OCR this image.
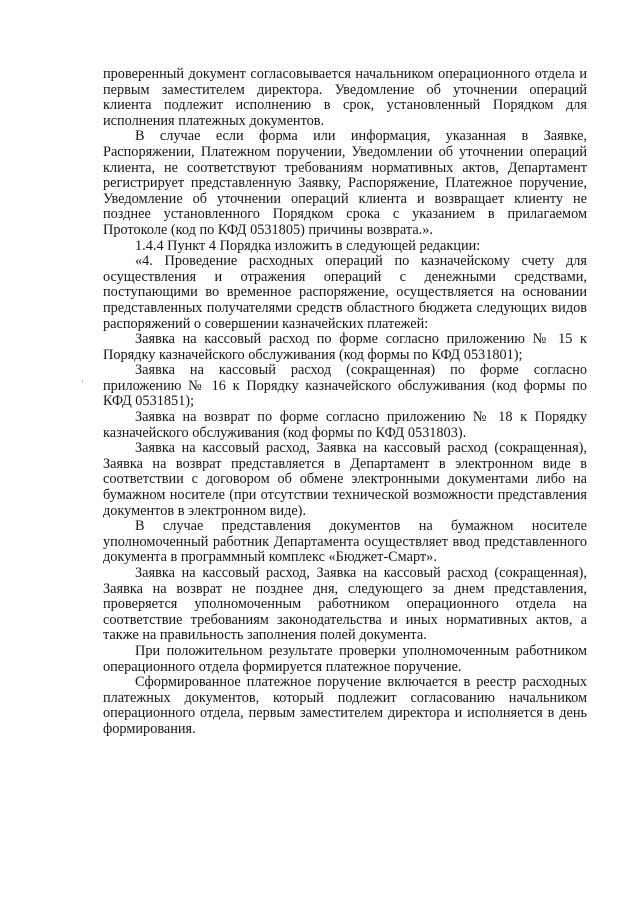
проверенный документ согласовывается начальником операционного отдела и первым заместителем директора. Уведомление об уточнении операций клиента подлежит исполнению в срок, установленный Порядком для исполнения платежных документов.

В случае если форма или информация, указанная в Заявке, Распоряжении, Платежном поручении, Уведомлении об уточнении операций клиента, не соответствуют требованиям нормативных актов, Департамент регистрирует представленную Заявку, Распоряжение, Платежное поручение, Уведомление об уточнении операций клиента и возвращает клиенту не позднее установленного Порядком срока с указанием в прилагаемом Протоколе (код по КФД 0531805) причины возврата.».

1.4.4 Пункт 4 Порядка изложить в следующей редакции:

«4. Проведение расходных операций по казначейскому счету для осуществления и отражения операций с денежными средствами, поступающими во временное распоряжение, осуществляется на основании представленных получателями средств областного бюджета следующих видов распоряжений о совершении казначейских платежей:

Заявка на кассовый расход по форме согласно приложению № 15 к Порядку казначейского обслуживания (код формы по КФД 0531801);

Заявка на кассовый расход (сокращенная) по форме согласно приложению № 16 к Порядку казначейского обслуживания (код формы по КФД 0531851);

Заявка на возврат по форме согласно приложению № 18 к Порядку казначейского обслуживания (код формы по КФД 0531803).

Заявка на кассовый расход, Заявка на кассовый расход (сокращенная), Заявка на возврат представляется в Департамент в электронном виде в соответствии с договором об обмене электронными документами либо на бумажном носителе (при отсутствии технической возможности представления документов в электронном виде).

В случае представления документов на бумажном носителе уполномоченный работник Департамента осуществляет ввод представленного документа в программный комплекс «Бюджет-Смарт».

Заявка на кассовый расход, Заявка на кассовый расход (сокращенная), Заявка на возврат не позднее дня, следующего за днем представления, проверяется уполномоченным работником операционного отдела на соответствие требованиям законодательства и иных нормативных актов, а также на правильность заполнения полей документа.

При положительном результате проверки уполномоченным работником операционного отдела формируется платежное поручение.

Сформированное платежное поручение включается в реестр расходных платежных документов, который подлежит согласованию начальником операционного отдела, первым заместителем директора и исполняется в день формирования.
